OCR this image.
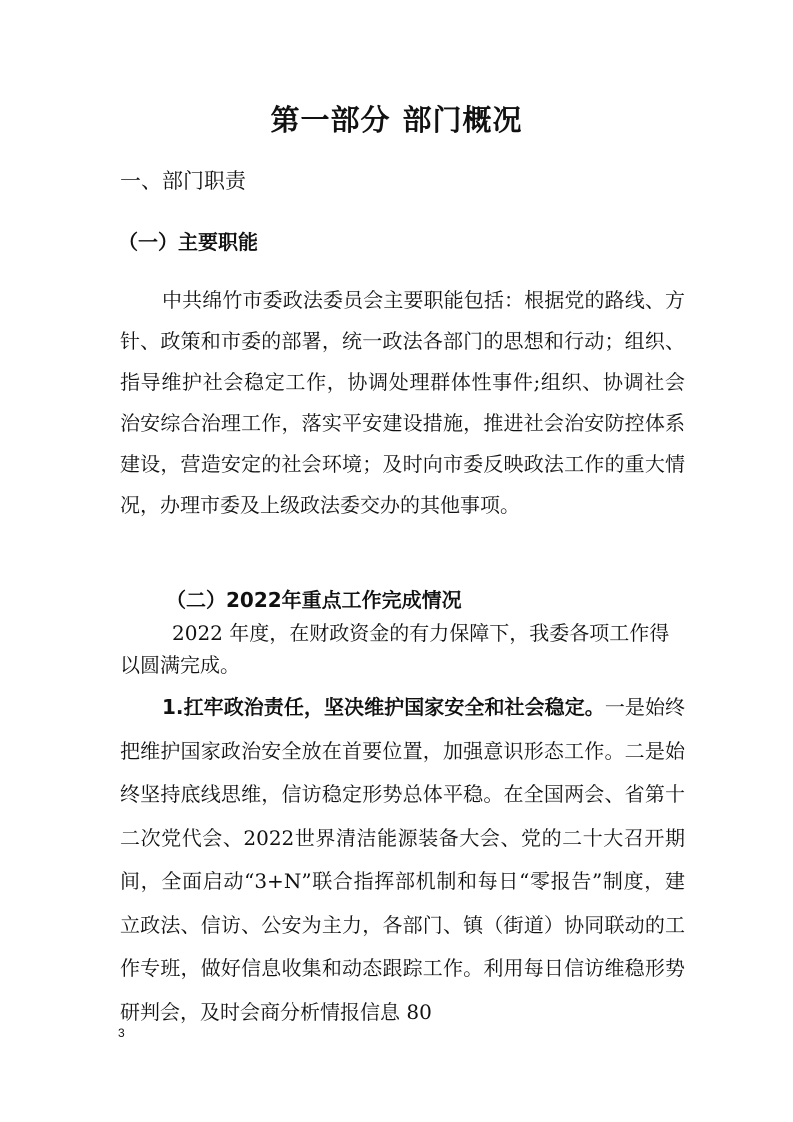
第一部分 部门概况
一、部门职责
（一）主要职能

中共绵竹市委政法委员会主要职能包括：根据党的路线、方针、政策和市委的部署，统一政法各部门的思想和行动；组织、指导维护社会稳定工作，协调处理群体性事件;组织、协调社会治安综合治理工作，落实平安建设措施，推进社会治安防控体系建设，营造安定的社会环境；及时向市委反映政法工作的重大情况，办理市委及上级政法委交办的其他事项。

（二）2022年重点工作完成情况

2022 年度，在财政资金的有力保障下，我委各项工作得以圆满完成。

1.扛牢政治责任，坚决维护国家安全和社会稳定。一是始终把维护国家政治安全放在首要位置，加强意识形态工作。二是始终坚持底线思维，信访稳定形势总体平稳。在全国两会、省第十二次党代会、2022世界清洁能源装备大会、党的二十大召开期间，全面启动“3+N”联合指挥部机制和每日“零报告”制度，建立政法、信访、公安为主力，各部门、镇（街道）协同联动的工作专班，做好信息收集和动态跟踪工作。利用每日信访维稳形势研判会，及时会商分析情报信息 80

3
